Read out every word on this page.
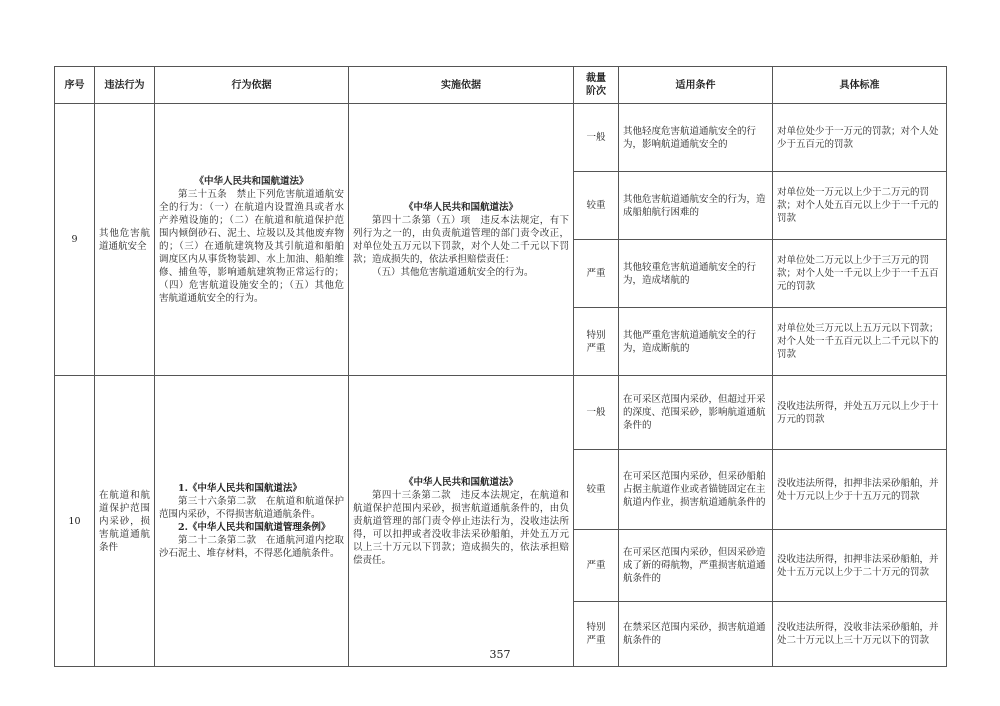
序号	违法行为	行为依据	实施依据	裁量阶次	适用条件	具体标准
9	其他危害航道通航安全	《中华人民共和国航道法》
第三十五条　禁止下列危害航道通航安全的行为：（一）在航道内设置渔具或者水产养殖设施的；（二）在航道和航道保护范围内倾倒砂石、泥土、垃圾以及其他废弃物的；（三）在通航建筑物及其引航道和船舶调度区内从事货物装卸、水上加油、船舶维修、捕鱼等，影响通航建筑物正常运行的；（四）危害航道设施安全的；（五）其他危害航道通航安全的行为。	《中华人民共和国航道法》
第四十二条第（五）项　违反本法规定，有下列行为之一的，由负责航道管理的部门责令改正，对单位处五万元以下罚款，对个人处二千元以下罚款；造成损失的，依法承担赔偿责任：
（五）其他危害航道通航安全的行为。	一般	其他轻度危害航道通航安全的行为，影响航道通航安全的	对单位处少于一万元的罚款；对个人处少于五百元的罚款
				较重	其他危害航道通航安全的行为，造成船舶航行困难的	对单位处一万元以上少于二万元的罚款；对个人处五百元以上少于一千元的罚款
				严重	其他较重危害航道通航安全的行为，造成堵航的	对单位处二万元以上少于三万元的罚款；对个人处一千元以上少于一千五百元的罚款
				特别严重	其他严重危害航道通航安全的行为，造成断航的	对单位处三万元以上五万元以下罚款；对个人处一千五百元以上二千元以下的罚款
10	在航道和航道保护范围内采砂，损害航道通航条件	1.《中华人民共和国航道法》
第三十六条第二款　在航道和航道保护范围内采砂，不得损害航道通航条件。
2.《中华人民共和国航道管理条例》
第二十二条第二款　在通航河道内挖取沙石泥土、堆存材料，不得恶化通航条件。	《中华人民共和国航道法》
第四十三条第二款　违反本法规定，在航道和航道保护范围内采砂，损害航道通航条件的，由负责航道管理的部门责令停止违法行为，没收违法所得，可以扣押或者没收非法采砂船舶，并处五万元以上三十万元以下罚款；造成损失的，依法承担赔偿责任。	一般	在可采区范围内采砂，但超过开采的深度、范围采砂，影响航道通航条件的	没收违法所得，并处五万元以上少于十万元的罚款
				较重	在可采区范围内采砂，但采砂船舶占据主航道作业或者锚链固定在主航道内作业，损害航道通航条件的	没收违法所得，扣押非法采砂船舶，并处十万元以上少于十五万元的罚款
				严重	在可采区范围内采砂，但因采砂造成了新的碍航物，严重损害航道通航条件的	没收违法所得，扣押非法采砂船舶，并处十五万元以上少于二十万元的罚款
				特别严重	在禁采区范围内采砂，损害航道通航条件的	没收违法所得，没收非法采砂船舶，并处二十万元以上三十万元以下的罚款
357
